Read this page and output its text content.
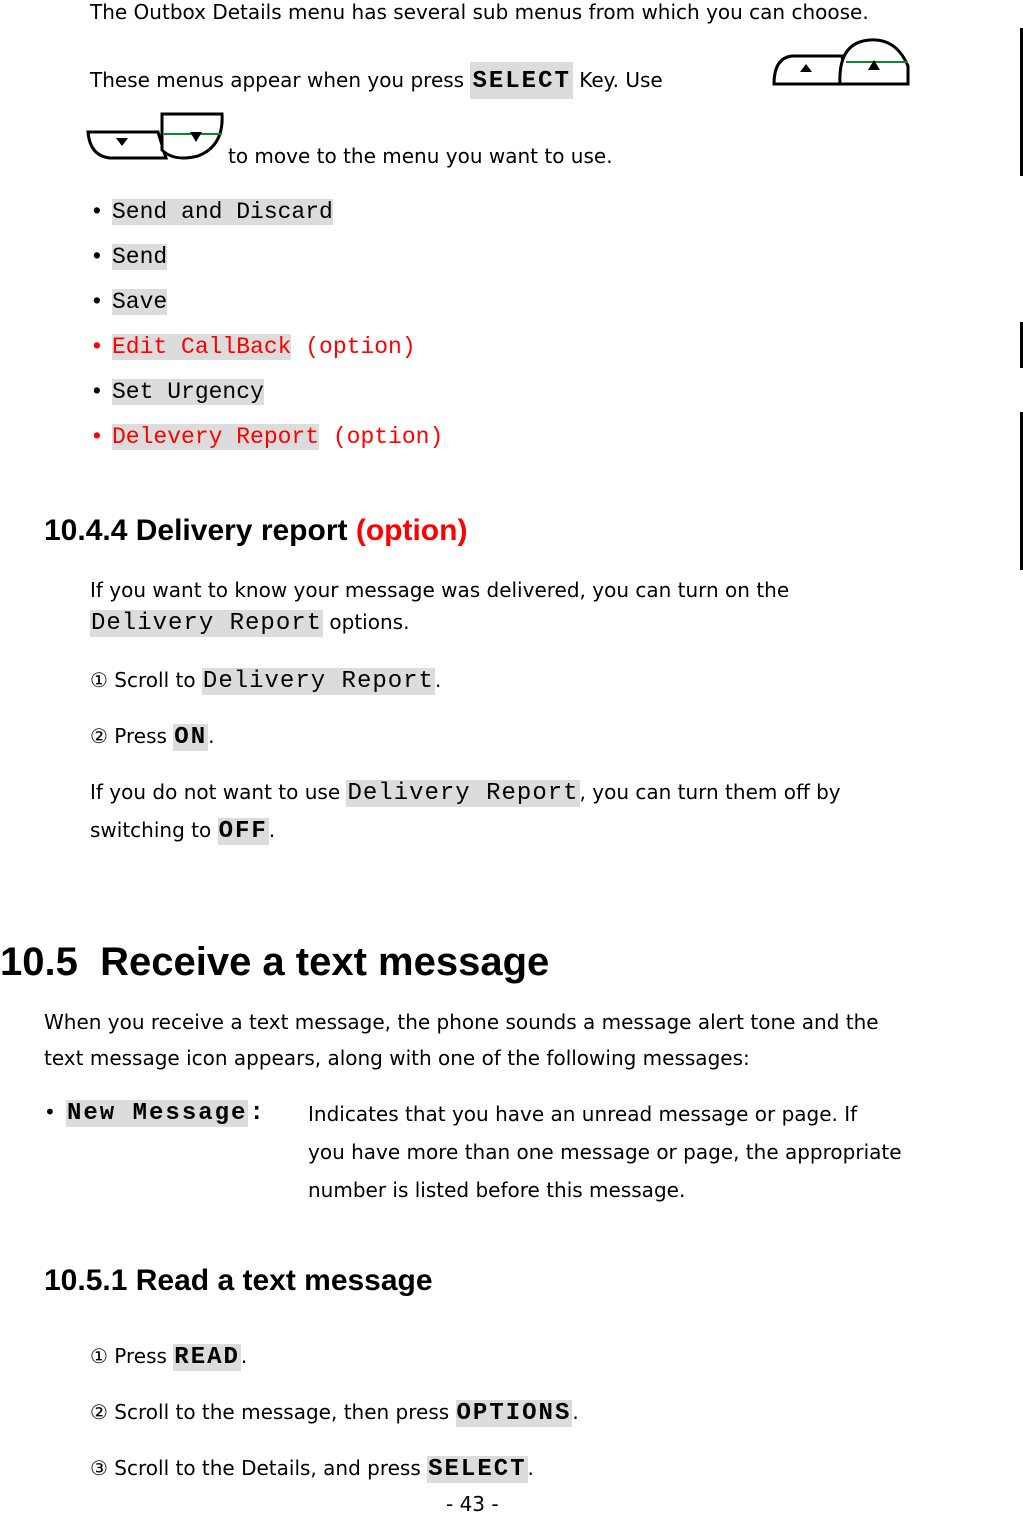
The Outbox Details menu has several sub menus from which you can choose.
These menus appear when you press SELECT Key. Use
to move to the menu you want to use.
• Send and Discard
• Send
• Save
• Edit CallBack (option)
• Set Urgency
• Delevery Report (option)
10.4.4 Delivery report (option)
If you want to know your message was delivered, you can turn on the
Delivery Report options.
① Scroll to Delivery Report.
② Press ON.
If you do not want to use Delivery Report, you can turn them off by
switching to OFF.
10.5  Receive a text message
When you receive a text message, the phone sounds a message alert tone and the
text message icon appears, along with one of the following messages:
• New Message: Indicates that you have an unread message or page. If
you have more than one message or page, the appropriate
number is listed before this message.
10.5.1 Read a text message
① Press READ.
② Scroll to the message, then press OPTIONS.
③ Scroll to the Details, and press SELECT.
- 43 -
